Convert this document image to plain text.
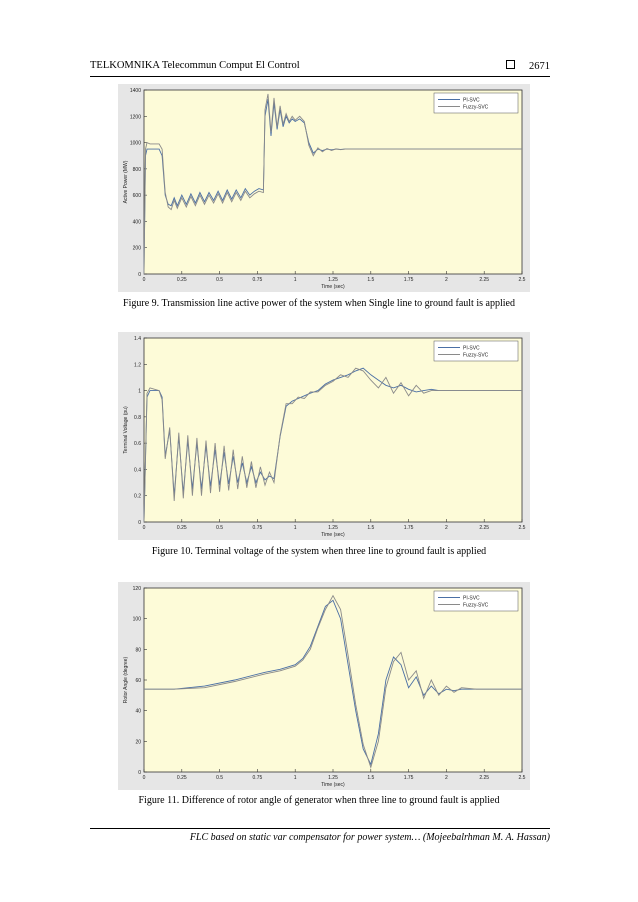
TELKOMNIKA Telecommun Comput El Control	2671
0	0.25	0.5	0.75	1	1.25	1.5	1.75	2	2.25	2.5
0
200
400
600
800
1000
1200
1400
Time (sec)
Active Power (MW)
PI-SVC
Fuzzy-SVC
Figure 9. Transmission line active power of the system when Single line to ground fault is applied
0	0.25	0.5	0.75	1	1.25	1.5	1.75	2	2.25	2.5
0
0.2
0.4
0.6
0.8
1
1.2
1.4
Time (sec)
Terminal Voltage (pu)
PI-SVC
Fuzzy-SVC
Figure 10. Terminal voltage of the system when three line to ground fault is applied
0	0.25	0.5	0.75	1	1.25	1.5	1.75	2	2.25	2.5
0
20
40
60
80
100
120
Time (sec)
Rotor Angle (degree)
PI-SVC
Fuzzy-SVC
Figure 11. Difference of rotor angle of generator when three line to ground fault is applied
FLC based on static var compensator for power system… (Mojeebalrhman M. A. Hassan)
